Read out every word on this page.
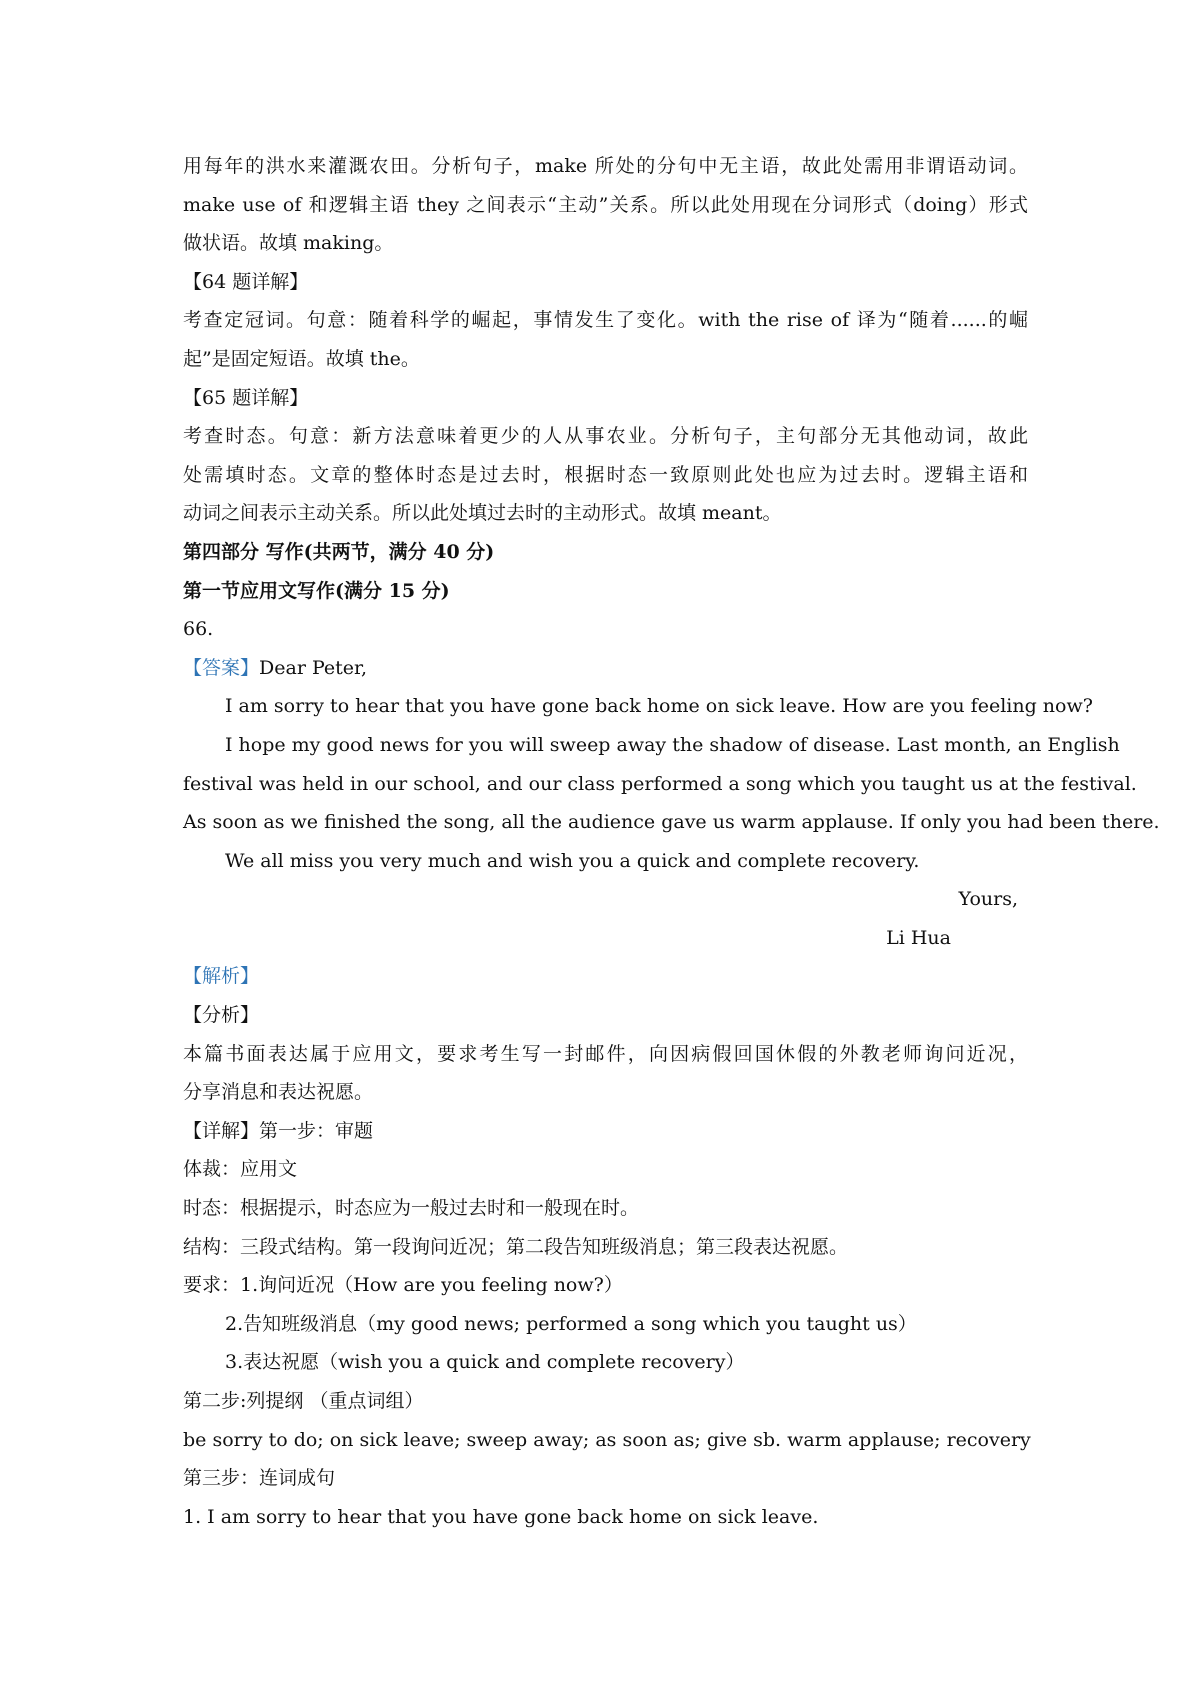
用每年的洪水来灌溉农田。分析句子，make 所处的分句中无主语，故此处需用非谓语动词。
make use of 和逻辑主语 they 之间表示“主动”关系。所以此处用现在分词形式（doing）形式
做状语。故填 making。
【64 题详解】
考查定冠词。句意：随着科学的崛起，事情发生了变化。with the rise of 译为“随着......的崛
起”是固定短语。故填 the。
【65 题详解】
考查时态。句意：新方法意味着更少的人从事农业。分析句子，主句部分无其他动词，故此
处需填时态。文章的整体时态是过去时，根据时态一致原则此处也应为过去时。逻辑主语和
动词之间表示主动关系。所以此处填过去时的主动形式。故填 meant。
第四部分 写作(共两节，满分 40 分)
第一节应用文写作(满分 15 分)
66.
【答案】Dear Peter,
I am sorry to hear that you have gone back home on sick leave. How are you feeling now?
I hope my good news for you will sweep away the shadow of disease. Last month, an English
festival was held in our school, and our class performed a song which you taught us at the festival.
As soon as we finished the song, all the audience gave us warm applause. If only you had been there.
We all miss you very much and wish you a quick and complete recovery.
Yours,
Li Hua
【解析】
【分析】
本篇书面表达属于应用文，要求考生写一封邮件，向因病假回国休假的外教老师询问近况，
分享消息和表达祝愿。
【详解】第一步：审题
体裁：应用文
时态：根据提示，时态应为一般过去时和一般现在时。
结构：三段式结构。第一段询问近况；第二段告知班级消息；第三段表达祝愿。
要求：1.询问近况（How are you feeling now?）
2.告知班级消息（my good news; performed a song which you taught us）
3.表达祝愿（wish you a quick and complete recovery）
第二步:列提纲 （重点词组）
be sorry to do; on sick leave; sweep away; as soon as; give sb. warm applause; recovery
第三步：连词成句
1. I am sorry to hear that you have gone back home on sick leave.
